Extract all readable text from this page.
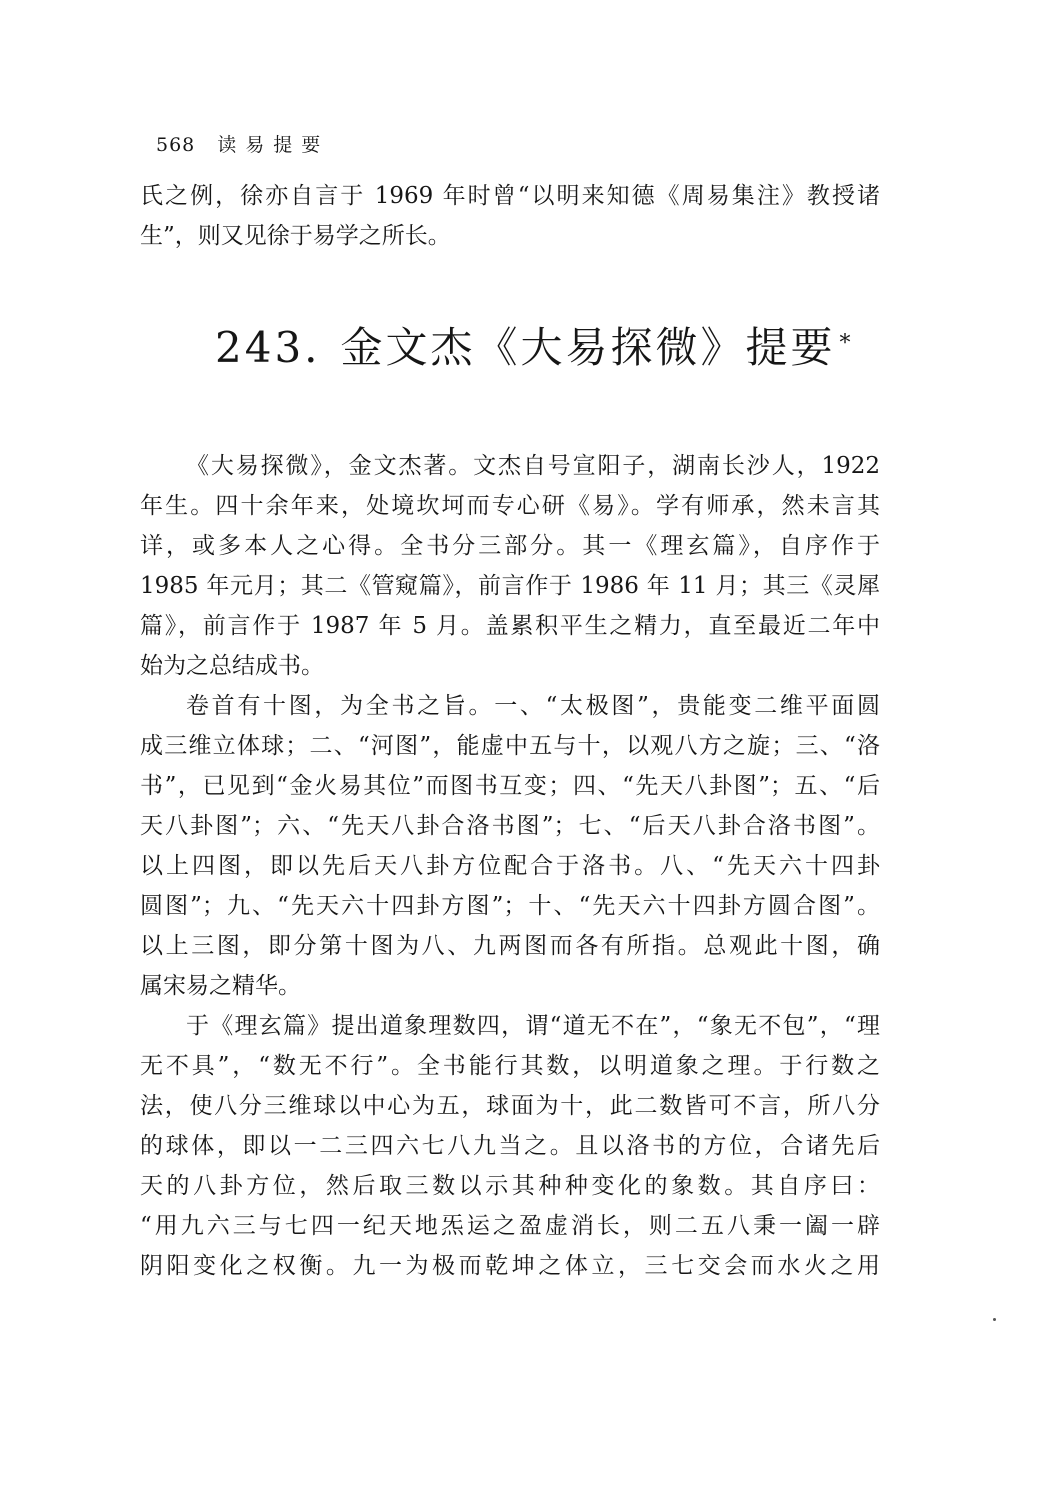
568 读易提要
氏之例，徐亦自言于 1969 年时曾“以明来知德《周易集注》教授诸
生”，则又见徐于易学之所长。
243. 金文杰《大易探微》提要 *
《大易探微》，金文杰著。文杰自号宣阳子，湖南长沙人，1922
年生。四十余年来，处境坎坷而专心研《易》。学有师承，然未言其
详，或多本人之心得。全书分三部分。其一《理玄篇》，自序作于
1985 年元月；其二《管窥篇》，前言作于 1986 年 11 月；其三《灵犀
篇》，前言作于 1987 年 5 月。盖累积平生之精力，直至最近二年中
始为之总结成书。
卷首有十图，为全书之旨。一、“太极图”，贵能变二维平面圆
成三维立体球；二、“河图”，能虚中五与十，以观八方之旋；三、“洛
书”，已见到“金火易其位”而图书互变；四、“先天八卦图”；五、“后
天八卦图”；六、“先天八卦合洛书图”；七、“后天八卦合洛书图”。
以上四图，即以先后天八卦方位配合于洛书。八、“先天六十四卦
圆图”；九、“先天六十四卦方图”；十、“先天六十四卦方圆合图”。
以上三图，即分第十图为八、九两图而各有所指。总观此十图，确
属宋易之精华。
于《理玄篇》提出道象理数四，谓“道无不在”，“象无不包”，“理
无不具”，“数无不行”。全书能行其数，以明道象之理。于行数之
法，使八分三维球以中心为五，球面为十，此二数皆可不言，所八分
的球体，即以一二三四六七八九当之。且以洛书的方位，合诸先后
天的八卦方位，然后取三数以示其种种变化的象数。其自序曰：
“用九六三与七四一纪天地炁运之盈虚消长，则二五八秉一阖一辟
阴阳变化之权衡。九一为极而乾坤之体立，三七交会而水火之用
